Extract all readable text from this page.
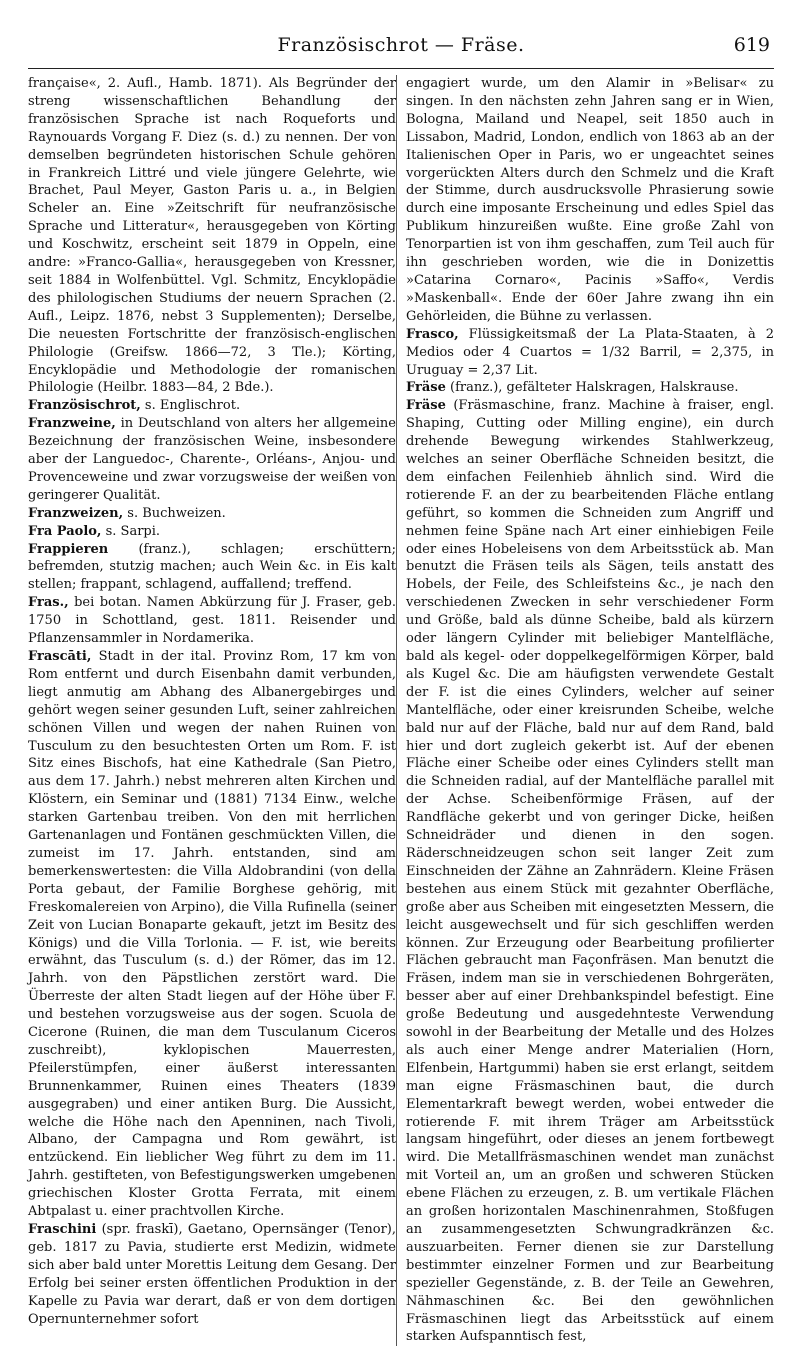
Französischrot — Fräse.	619

française«, 2. Aufl., Hamb. 1871). Als Begründer der streng wissenschaftlichen Behandlung der französischen Sprache ist nach Roqueforts und Raynouards Vorgang F. Diez (s. d.) zu nennen. Der von demselben begründeten historischen Schule gehören in Frankreich Littré und viele jüngere Gelehrte, wie Brachet, Paul Meyer, Gaston Paris u. a., in Belgien Scheler an. Eine »Zeitschrift für neufranzösische Sprache und Litteratur«, herausgegeben von Körting und Koschwitz, erscheint seit 1879 in Oppeln, eine andre: »Franco-Gallia«, herausgegeben von Kressner, seit 1884 in Wolfenbüttel. Vgl. Schmitz, Encyklopädie des philologischen Studiums der neuern Sprachen (2. Aufl., Leipz. 1876, nebst 3 Supplementen); Derselbe, Die neuesten Fortschritte der französisch-englischen Philologie (Greifsw. 1866—72, 3 Tle.); Körting, Encyklopädie und Methodologie der romanischen Philologie (Heilbr. 1883—84, 2 Bde.).

Französischrot, s. Englischrot.

Franzweine, in Deutschland von alters her allgemeine Bezeichnung der französischen Weine, insbesondere aber der Languedoc-, Charente-, Orléans-, Anjou- und Provenceweine und zwar vorzugsweise der weißen von geringerer Qualität.

Franzweizen, s. Buchweizen.

Fra Paolo, s. Sarpi.

Frappieren (franz.), schlagen; erschüttern; befremden, stutzig machen; auch Wein &c. in Eis kalt stellen; frappant, schlagend, auffallend; treffend.

Fras., bei botan. Namen Abkürzung für J. Fraser, geb. 1750 in Schottland, gest. 1811. Reisender und Pflanzensammler in Nordamerika.

Frascāti, Stadt in der ital. Provinz Rom, 17 km von Rom entfernt und durch Eisenbahn damit verbunden, liegt anmutig am Abhang des Albanergebirges und gehört wegen seiner gesunden Luft, seiner zahlreichen schönen Villen und wegen der nahen Ruinen von Tusculum zu den besuchtesten Orten um Rom. F. ist Sitz eines Bischofs, hat eine Kathedrale (San Pietro, aus dem 17. Jahrh.) nebst mehreren alten Kirchen und Klöstern, ein Seminar und (1881) 7134 Einw., welche starken Gartenbau treiben. Von den mit herrlichen Gartenanlagen und Fontänen geschmückten Villen, die zumeist im 17. Jahrh. entstanden, sind am bemerkenswertesten: die Villa Aldobrandini (von della Porta gebaut, der Familie Borghese gehörig, mit Freskomalereien von Arpino), die Villa Rufinella (seiner Zeit von Lucian Bonaparte gekauft, jetzt im Besitz des Königs) und die Villa Torlonia. — F. ist, wie bereits erwähnt, das Tusculum (s. d.) der Römer, das im 12. Jahrh. von den Päpstlichen zerstört ward. Die Überreste der alten Stadt liegen auf der Höhe über F. und bestehen vorzugsweise aus der sogen. Scuola de Cicerone (Ruinen, die man dem Tusculanum Ciceros zuschreibt), kyklopischen Mauerresten, Pfeilerstümpfen, einer äußerst interessanten Brunnenkammer, Ruinen eines Theaters (1839 ausgegraben) und einer antiken Burg. Die Aussicht, welche die Höhe nach den Apenninen, nach Tivoli, Albano, der Campagna und Rom gewährt, ist entzückend. Ein lieblicher Weg führt zu dem im 11. Jahrh. gestifteten, von Befestigungswerken umgebenen griechischen Kloster Grotta Ferrata, mit einem Abtpalast u. einer prachtvollen Kirche.

Fraschini (spr. fraskī), Gaetano, Opernsänger (Tenor), geb. 1817 zu Pavia, studierte erst Medizin, widmete sich aber bald unter Morettis Leitung dem Gesang. Der Erfolg bei seiner ersten öffentlichen Produktion in der Kapelle zu Pavia war derart, daß er von dem dortigen Opernunternehmer sofort

engagiert wurde, um den Alamir in »Belisar« zu singen. In den nächsten zehn Jahren sang er in Wien, Bologna, Mailand und Neapel, seit 1850 auch in Lissabon, Madrid, London, endlich von 1863 ab an der Italienischen Oper in Paris, wo er ungeachtet seines vorgerückten Alters durch den Schmelz und die Kraft der Stimme, durch ausdrucksvolle Phrasierung sowie durch eine imposante Erscheinung und edles Spiel das Publikum hinzureißen wußte. Eine große Zahl von Tenorpartien ist von ihm geschaffen, zum Teil auch für ihn geschrieben worden, wie die in Donizettis »Catarina Cornaro«, Pacinis »Saffo«, Verdis »Maskenball«. Ende der 60er Jahre zwang ihn ein Gehörleiden, die Bühne zu verlassen.

Frasco, Flüssigkeitsmaß der La Plata-Staaten, à 2 Medios oder 4 Cuartos = 1/32 Barril, = 2,375, in Uruguay = 2,37 Lit.

Fräse (franz.), gefälteter Halskragen, Halskrause.

Fräse (Fräsmaschine, franz. Machine à fraiser, engl. Shaping, Cutting oder Milling engine), ein durch drehende Bewegung wirkendes Stahlwerkzeug, welches an seiner Oberfläche Schneiden besitzt, die dem einfachen Feilenhieb ähnlich sind. Wird die rotierende F. an der zu bearbeitenden Fläche entlang geführt, so kommen die Schneiden zum Angriff und nehmen feine Späne nach Art einer einhiebigen Feile oder eines Hobeleisens von dem Arbeitsstück ab. Man benutzt die Fräsen teils als Sägen, teils anstatt des Hobels, der Feile, des Schleifsteins &c., je nach den verschiedenen Zwecken in sehr verschiedener Form und Größe, bald als dünne Scheibe, bald als kürzern oder längern Cylinder mit beliebiger Mantelfläche, bald als kegel- oder doppelkegelförmigen Körper, bald als Kugel &c. Die am häufigsten verwendete Gestalt der F. ist die eines Cylinders, welcher auf seiner Mantelfläche, oder einer kreisrunden Scheibe, welche bald nur auf der Fläche, bald nur auf dem Rand, bald hier und dort zugleich gekerbt ist. Auf der ebenen Fläche einer Scheibe oder eines Cylinders stellt man die Schneiden radial, auf der Mantelfläche parallel mit der Achse. Scheibenförmige Fräsen, auf der Randfläche gekerbt und von geringer Dicke, heißen Schneidräder und dienen in den sogen. Räderschneidzeugen schon seit langer Zeit zum Einschneiden der Zähne an Zahnrädern. Kleine Fräsen bestehen aus einem Stück mit gezahnter Oberfläche, große aber aus Scheiben mit eingesetzten Messern, die leicht ausgewechselt und für sich geschliffen werden können. Zur Erzeugung oder Bearbeitung profilierter Flächen gebraucht man Façonfräsen. Man benutzt die Fräsen, indem man sie in verschiedenen Bohrgeräten, besser aber auf einer Drehbankspindel befestigt. Eine große Bedeutung und ausgedehnteste Verwendung sowohl in der Bearbeitung der Metalle und des Holzes als auch einer Menge andrer Materialien (Horn, Elfenbein, Hartgummi) haben sie erst erlangt, seitdem man eigne Fräsmaschinen baut, die durch Elementarkraft bewegt werden, wobei entweder die rotierende F. mit ihrem Träger am Arbeitsstück langsam hingeführt, oder dieses an jenem fortbewegt wird. Die Metallfräsmaschinen wendet man zunächst mit Vorteil an, um an großen und schweren Stücken ebene Flächen zu erzeugen, z. B. um vertikale Flächen an großen horizontalen Maschinenrahmen, Stoßfugen an zusammengesetzten Schwungradkränzen &c. auszuarbeiten. Ferner dienen sie zur Darstellung bestimmter einzelner Formen und zur Bearbeitung spezieller Gegenstände, z. B. der Teile an Gewehren, Nähmaschinen &c. Bei den gewöhnlichen Fräsmaschinen liegt das Arbeitsstück auf einem starken Aufspanntisch fest,
